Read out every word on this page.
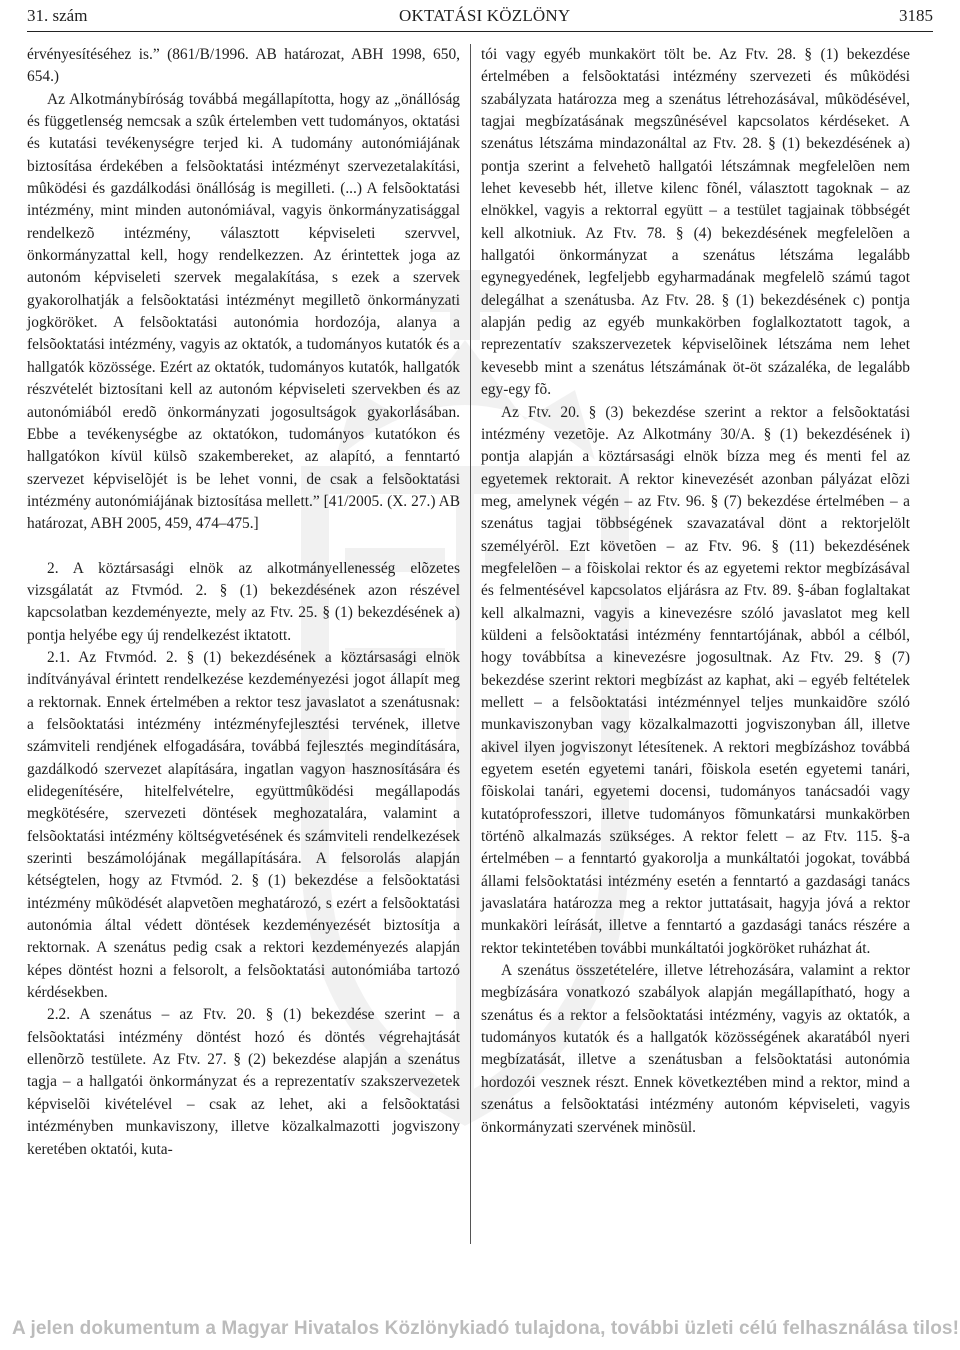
31. szám	OKTATÁSI KÖZLÖNY	3185

érvényesítéséhez is.” (861/B/1996. AB határozat, ABH 1998, 650, 654.)

Az Alkotmánybíróság továbbá megállapította, hogy az „önállóság és függetlenség nemcsak a szûk értelemben vett tudományos, oktatási és kutatási tevékenységre terjed ki. A tudomány autonómiájának biztosítása érdekében a felsõoktatási intézményt szervezetalakítási, mûködési és gazdálkodási önállóság is megilleti. (...) A felsõoktatási intézmény, mint minden autonómiával, vagyis önkormányzatisággal rendelkezõ intézmény, választott képviseleti szervvel, önkormányzattal kell, hogy rendelkezzen. Az érintettek joga az autonóm képviseleti szervek megalakítása, s ezek a szervek gyakorolhatják a felsõoktatási intézményt megilletõ önkormányzati jogköröket. A felsõoktatási autonómia hordozója, alanya a felsõoktatási intézmény, vagyis az oktatók, a tudományos kutatók és a hallgatók közössége. Ezért az oktatók, tudományos kutatók, hallgatók részvételét biztosítani kell az autonóm képviseleti szervekben és az autonómiából eredõ önkormányzati jogosultságok gyakorlásában. Ebbe a tevékenységbe az oktatókon, tudományos kutatókon és hallgatókon kívül külsõ szakembereket, az alapító, a fenntartó szervezet képviselõjét is be lehet vonni, de csak a felsõoktatási intézmény autonómiájának biztosítása mellett.” [41/2005. (X. 27.) AB határozat, ABH 2005, 459, 474–475.]

2. A köztársasági elnök az alkotmányellenesség elõzetes vizsgálatát az Ftvmód. 2. § (1) bekezdésének azon részével kapcsolatban kezdeményezte, mely az Ftv. 25. § (1) bekezdésének a) pontja helyébe egy új rendelkezést iktatott.

2.1. Az Ftvmód. 2. § (1) bekezdésének a köztársasági elnök indítványával érintett rendelkezése kezdeményezési jogot állapít meg a rektornak. Ennek értelmében a rektor tesz javaslatot a szenátusnak: a felsõoktatási intézmény intézményfejlesztési tervének, illetve számviteli rendjének elfogadására, továbbá fejlesztés megindítására, gazdálkodó szervezet alapítására, ingatlan vagyon hasznosítására és elidegenítésére, hitelfelvételre, együttmûködési megállapodás megkötésére, szervezeti döntések meghozatalára, valamint a felsõoktatási intézmény költségvetésének és számviteli rendelkezések szerinti beszámolójának megállapítására. A felsorolás alapján kétségtelen, hogy az Ftvmód. 2. § (1) bekezdése a felsõoktatási intézmény mûködését alapvetõen meghatározó, s ezért a felsõoktatási autonómia által védett döntések kezdeményezését biztosítja a rektornak. A szenátus pedig csak a rektori kezdeményezés alapján képes döntést hozni a felsorolt, a felsõoktatási autonómiába tartozó kérdésekben.

2.2. A szenátus – az Ftv. 20. § (1) bekezdése szerint – a felsõoktatási intézmény döntést hozó és döntés végrehajtását ellenõrzõ testülete. Az Ftv. 27. § (2) bekezdése alapján a szenátus tagja – a hallgatói önkormányzat és a reprezentatív szakszervezetek képviselõi kivételével – csak az lehet, aki a felsõoktatási intézményben munkaviszony, illetve közalkalmazotti jogviszony keretében oktatói, kuta-

tói vagy egyéb munkakört tölt be. Az Ftv. 28. § (1) bekezdése értelmében a felsõoktatási intézmény szervezeti és mûködési szabályzata határozza meg a szenátus létrehozásával, mûködésével, tagjai megbízatásának megszûnésével kapcsolatos kérdéseket. A szenátus létszáma mindazonáltal az Ftv. 28. § (1) bekezdésének a) pontja szerint a felvehetõ hallgatói létszámnak megfelelõen nem lehet kevesebb hét, illetve kilenc fõnél, választott tagoknak – az elnökkel, vagyis a rektorral együtt – a testület tagjainak többségét kell alkotniuk. Az Ftv. 78. § (4) bekezdésének megfelelõen a hallgatói önkormányzat a szenátus létszáma legalább egynegyedének, legfeljebb egyharmadának megfelelõ számú tagot delegálhat a szenátusba. Az Ftv. 28. § (1) bekezdésének c) pontja alapján pedig az egyéb munkakörben foglalkoztatott tagok, a reprezentatív szakszervezetek képviselõinek létszáma nem lehet kevesebb mint a szenátus létszámának öt-öt százaléka, de legalább egy-egy fõ.

Az Ftv. 20. § (3) bekezdése szerint a rektor a felsõoktatási intézmény vezetõje. Az Alkotmány 30/A. § (1) bekezdésének i) pontja alapján a köztársasági elnök bízza meg és menti fel az egyetemek rektorait. A rektor kinevezését azonban pályázat elõzi meg, amelynek végén – az Ftv. 96. § (7) bekezdése értelmében – a szenátus tagjai többségének szavazatával dönt a rektorjelölt személyérõl. Ezt követõen – az Ftv. 96. § (11) bekezdésének megfelelõen – a fõiskolai rektor és az egyetemi rektor megbízásával és felmentésével kapcsolatos eljárásra az Ftv. 89. §-ában foglaltakat kell alkalmazni, vagyis a kinevezésre szóló javaslatot meg kell küldeni a felsõoktatási intézmény fenntartójának, abból a célból, hogy továbbítsa a kinevezésre jogosultnak. Az Ftv. 29. § (7) bekezdése szerint rektori megbízást az kaphat, aki – egyéb feltételek mellett – a felsõoktatási intézménnyel teljes munkaidõre szóló munkaviszonyban vagy közalkalmazotti jogviszonyban áll, illetve akivel ilyen jogviszonyt létesítenek. A rektori megbízáshoz továbbá egyetem esetén egyetemi tanári, fõiskola esetén egyetemi tanári, fõiskolai tanári, egyetemi docensi, tudományos tanácsadói vagy kutatóprofesszori, illetve tudományos fõmunkatársi munkakörben történõ alkalmazás szükséges. A rektor felett – az Ftv. 115. §-a értelmében – a fenntartó gyakorolja a munkáltatói jogokat, továbbá állami felsõoktatási intézmény esetén a fenntartó a gazdasági tanács javaslatára határozza meg a rektor juttatásait, hagyja jóvá a rektor munkaköri leírását, illetve a fenntartó a gazdasági tanács részére a rektor tekintetében további munkáltatói jogköröket ruházhat át.

A szenátus összetételére, illetve létrehozására, valamint a rektor megbízására vonatkozó szabályok alapján megállapítható, hogy a szenátus és a rektor a felsõoktatási intézmény, vagyis az oktatók, a tudományos kutatók és a hallgatók közösségének akaratából nyeri megbízatását, illetve a szenátusban a felsõoktatási autonómia hordozói vesznek részt. Ennek következtében mind a rektor, mind a szenátus a felsõoktatási intézmény autonóm képviseleti, vagyis önkormányzati szervének minõsül.

A jelen dokumentum a Magyar Hivatalos Közlönykiadó tulajdona, további üzleti célú felhasználása tilos!
